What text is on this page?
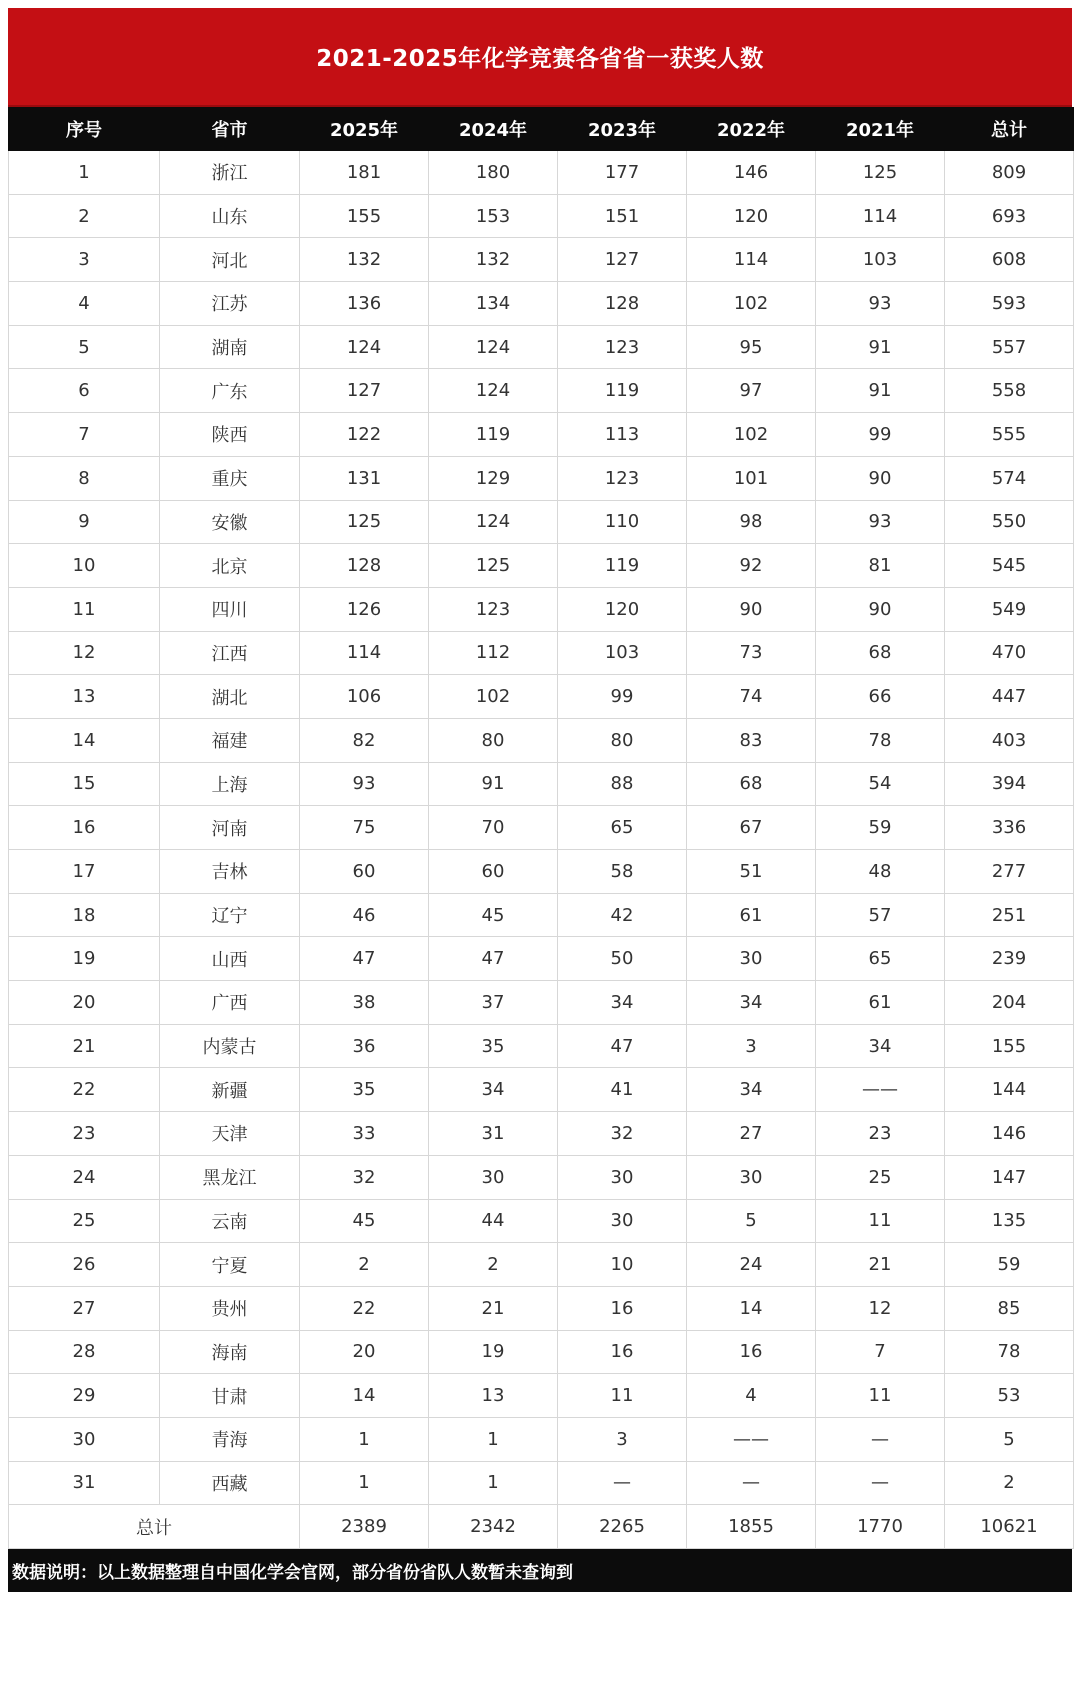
2021-2025年化学竞赛各省省一获奖人数
序号	省市	2025年	2024年	2023年	2022年	2021年	总计
1	浙江	181	180	177	146	125	809
2	山东	155	153	151	120	114	693
3	河北	132	132	127	114	103	608
4	江苏	136	134	128	102	93	593
5	湖南	124	124	123	95	91	557
6	广东	127	124	119	97	91	558
7	陕西	122	119	113	102	99	555
8	重庆	131	129	123	101	90	574
9	安徽	125	124	110	98	93	550
10	北京	128	125	119	92	81	545
11	四川	126	123	120	90	90	549
12	江西	114	112	103	73	68	470
13	湖北	106	102	99	74	66	447
14	福建	82	80	80	83	78	403
15	上海	93	91	88	68	54	394
16	河南	75	70	65	67	59	336
17	吉林	60	60	58	51	48	277
18	辽宁	46	45	42	61	57	251
19	山西	47	47	50	30	65	239
20	广西	38	37	34	34	61	204
21	内蒙古	36	35	47	3	34	155
22	新疆	35	34	41	34	——	144
23	天津	33	31	32	27	23	146
24	黑龙江	32	30	30	30	25	147
25	云南	45	44	30	5	11	135
26	宁夏	2	2	10	24	21	59
27	贵州	22	21	16	14	12	85
28	海南	20	19	16	16	7	78
29	甘肃	14	13	11	4	11	53
30	青海	1	1	3	——	—	5
31	西藏	1	1	—	—	—	2
总计		2389	2342	2265	1855	1770	10621
数据说明：以上数据整理自中国化学会官网，部分省份省队人数暂未查询到
